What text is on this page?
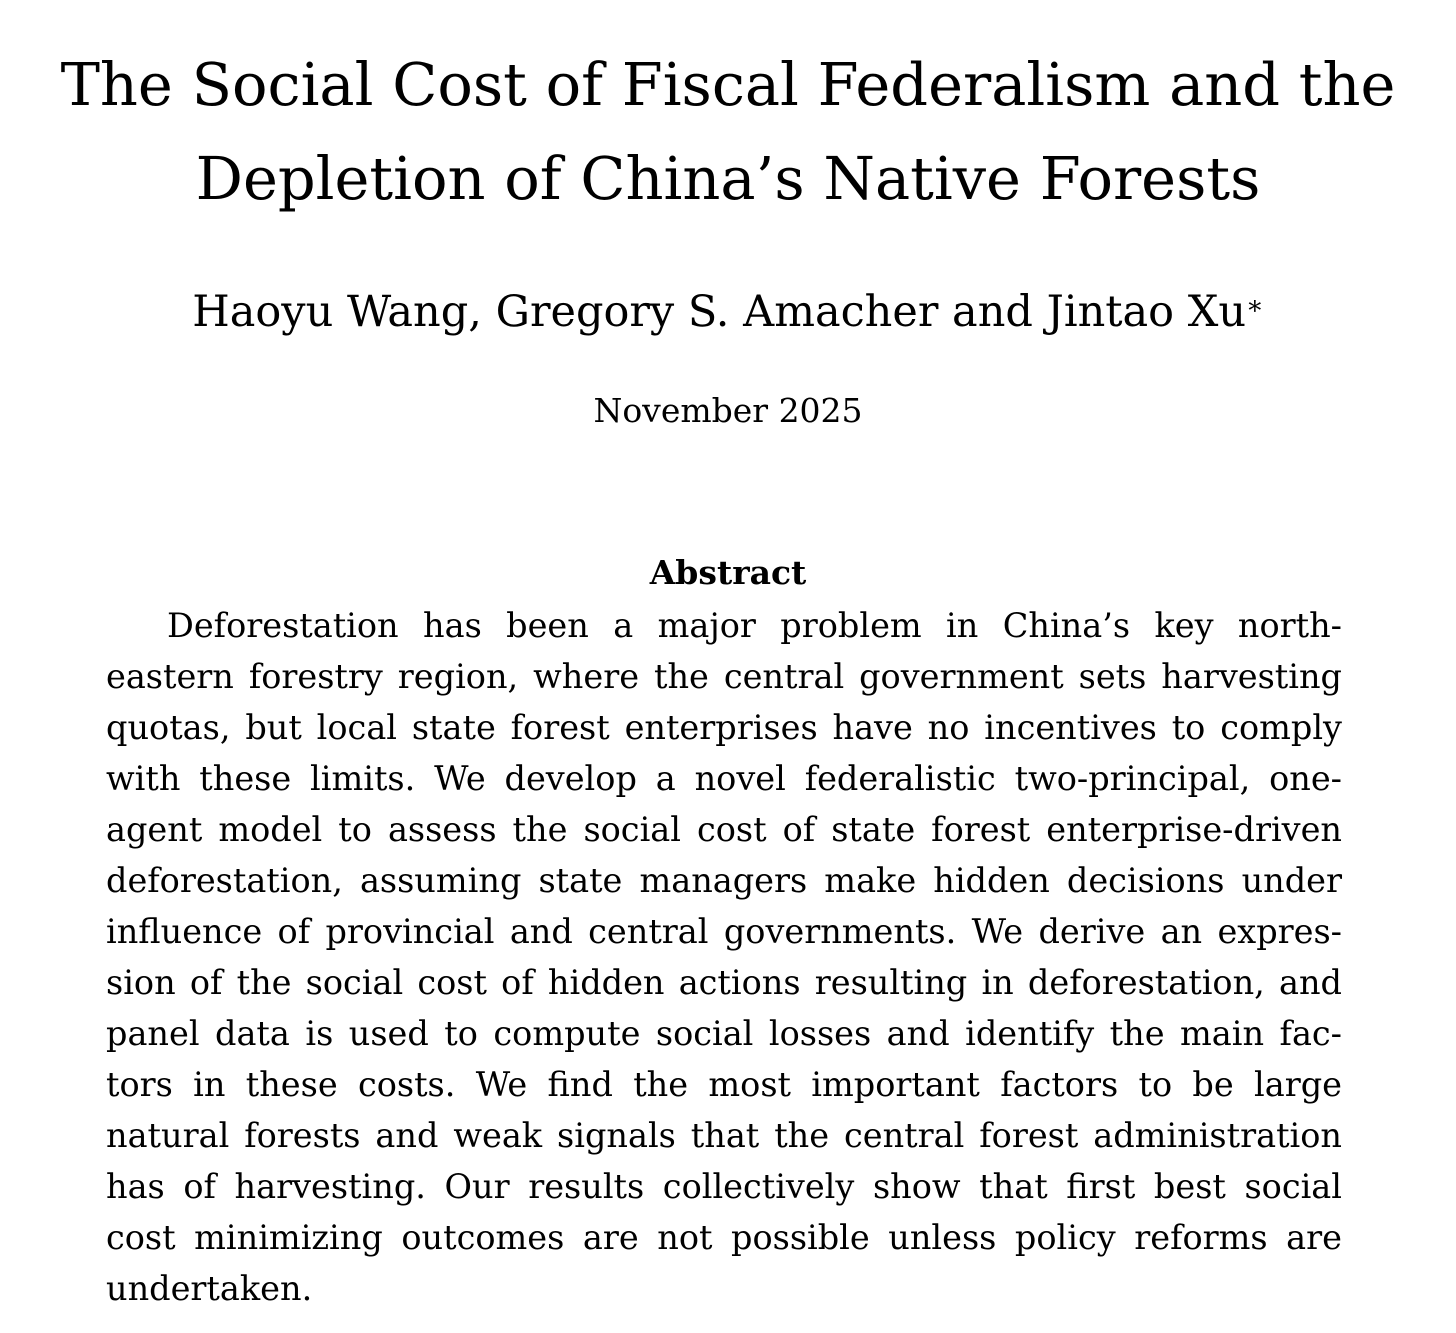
The Social Cost of Fiscal Federalism and the
Depletion of China’s Native Forests
Haoyu Wang, Gregory S. Amacher and Jintao Xu∗
November 2025
Abstract
Deforestation has been a major problem in China’s key north-
eastern forestry region, where the central government sets harvesting
quotas, but local state forest enterprises have no incentives to comply
with these limits. We develop a novel federalistic two-principal, one-
agent model to assess the social cost of state forest enterprise-driven
deforestation, assuming state managers make hidden decisions under
influence of provincial and central governments. We derive an expres-
sion of the social cost of hidden actions resulting in deforestation, and
panel data is used to compute social losses and identify the main fac-
tors in these costs. We find the most important factors to be large
natural forests and weak signals that the central forest administration
has of harvesting. Our results collectively show that first best social
cost minimizing outcomes are not possible unless policy reforms are
undertaken.
